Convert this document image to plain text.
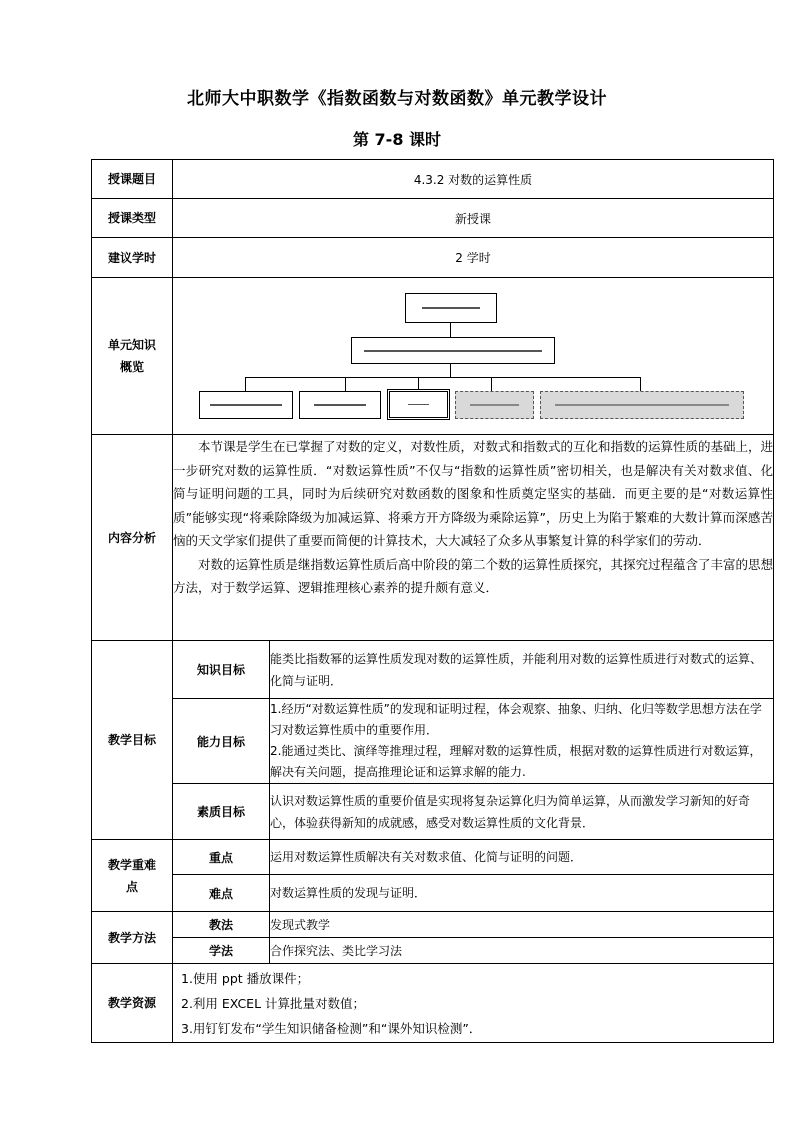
北师大中职数学《指数函数与对数函数》单元教学设计
第 7-8 课时
授课题目	4.3.2 对数的运算性质	
授课类型	新授课	
建议学时	2 学时	

单元知识
概览		

内容分析	本节课是学生在已掌握了对数的定义，对数性质，对数式和指数式的互化和指数的运算性质的基础上，进一步研究对数的运算性质．“对数运算性质”不仅与“指数的运算性质”密切相关，也是解决有关对数求值、化简与证明问题的工具，同时为后续研究对数函数的图象和性质奠定坚实的基础．而更主要的是“对数运算性质”能够实现“将乘除降级为加减运算、将乘方开方降级为乘除运算”，历史上为陷于繁难的大数计算而深感苦恼的天文学家们提供了重要而简便的计算技术，大大减轻了众多从事繁复计算的科学家们的劳动．

对数的运算性质是继指数运算性质后高中阶段的第二个数的运算性质探究，其探究过程蕴含了丰富的思想方法，对于数学运算、逻辑推理核心素养的提升颇有意义．	

教学目标	知识目标	能类比指数幂的运算性质发现对数的运算性质，并能利用对数的运算性质进行对数式的运算、化简与证明．
	能力目标	1.经历“对数运算性质”的发现和证明过程，体会观察、抽象、归纳、化归等数学思想方法在学习对数运算性质中的重要作用．
2.能通过类比、演绎等推理过程，理解对数的运算性质，根据对数的运算性质进行对数运算，解决有关问题，提高推理论证和运算求解的能力.

	素质目标	认识对数运算性质的重要价值是实现将复杂运算化归为简单运算，从而激发学习新知的好奇心，体验获得新知的成就感，感受对数运算性质的文化背景．

教学重难
点	重点	运用对数运算性质解决有关对数求值、化简与证明的问题．
	难点	对数运算性质的发现与证明．
教学方法	教法	发现式教学
	学法	合作探究法、类比学习法
教学资源	1.使用 ppt 播放课件；
2.利用 EXCEL 计算批量对数值；
3.用钉钉发布“学生知识储备检测”和“课外知识检测”．	
